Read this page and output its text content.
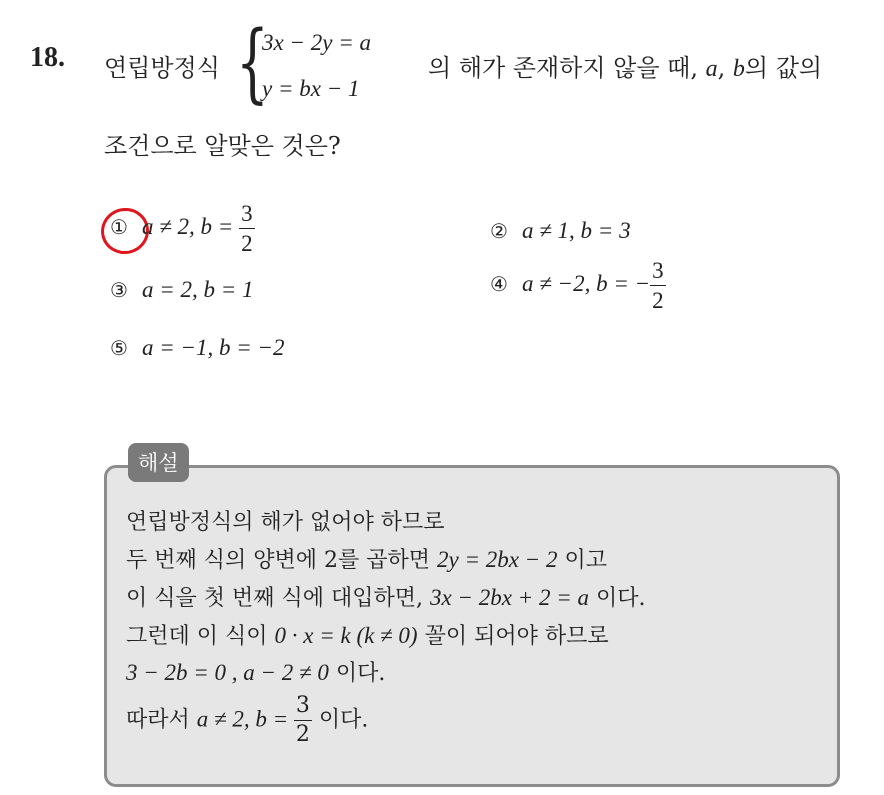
18. 연립방정식 {
3x − 2y = a
y = bx − 1
의 해가 존재하지 않을 때, a, b의 값의
조건으로 알맞은 것은?
① a ≠ 2, $b = \frac{3}{2}$	② a ≠ 1, b = 3
③ a = 2, b = 1	④ a ≠ −2, b = − $\frac{3}{2}$
⑤ a = −1, b = −2
해설
연립방정식의 해가 없어야 하므로
두 번째 식의 양변에 2를 곱하면 2y = 2bx − 2 이고
이 식을 첫 번째 식에 대입하면, 3x − 2bx + 2 = a 이다.
그런데 이 식이 0 · x = k (k ≠ 0) 꼴이 되어야 하므로
3 − 2b = 0 , a − 2 ≠ 0 이다.
따라서 a ≠ 2, $b = \frac{3}{2}$ 이다.
